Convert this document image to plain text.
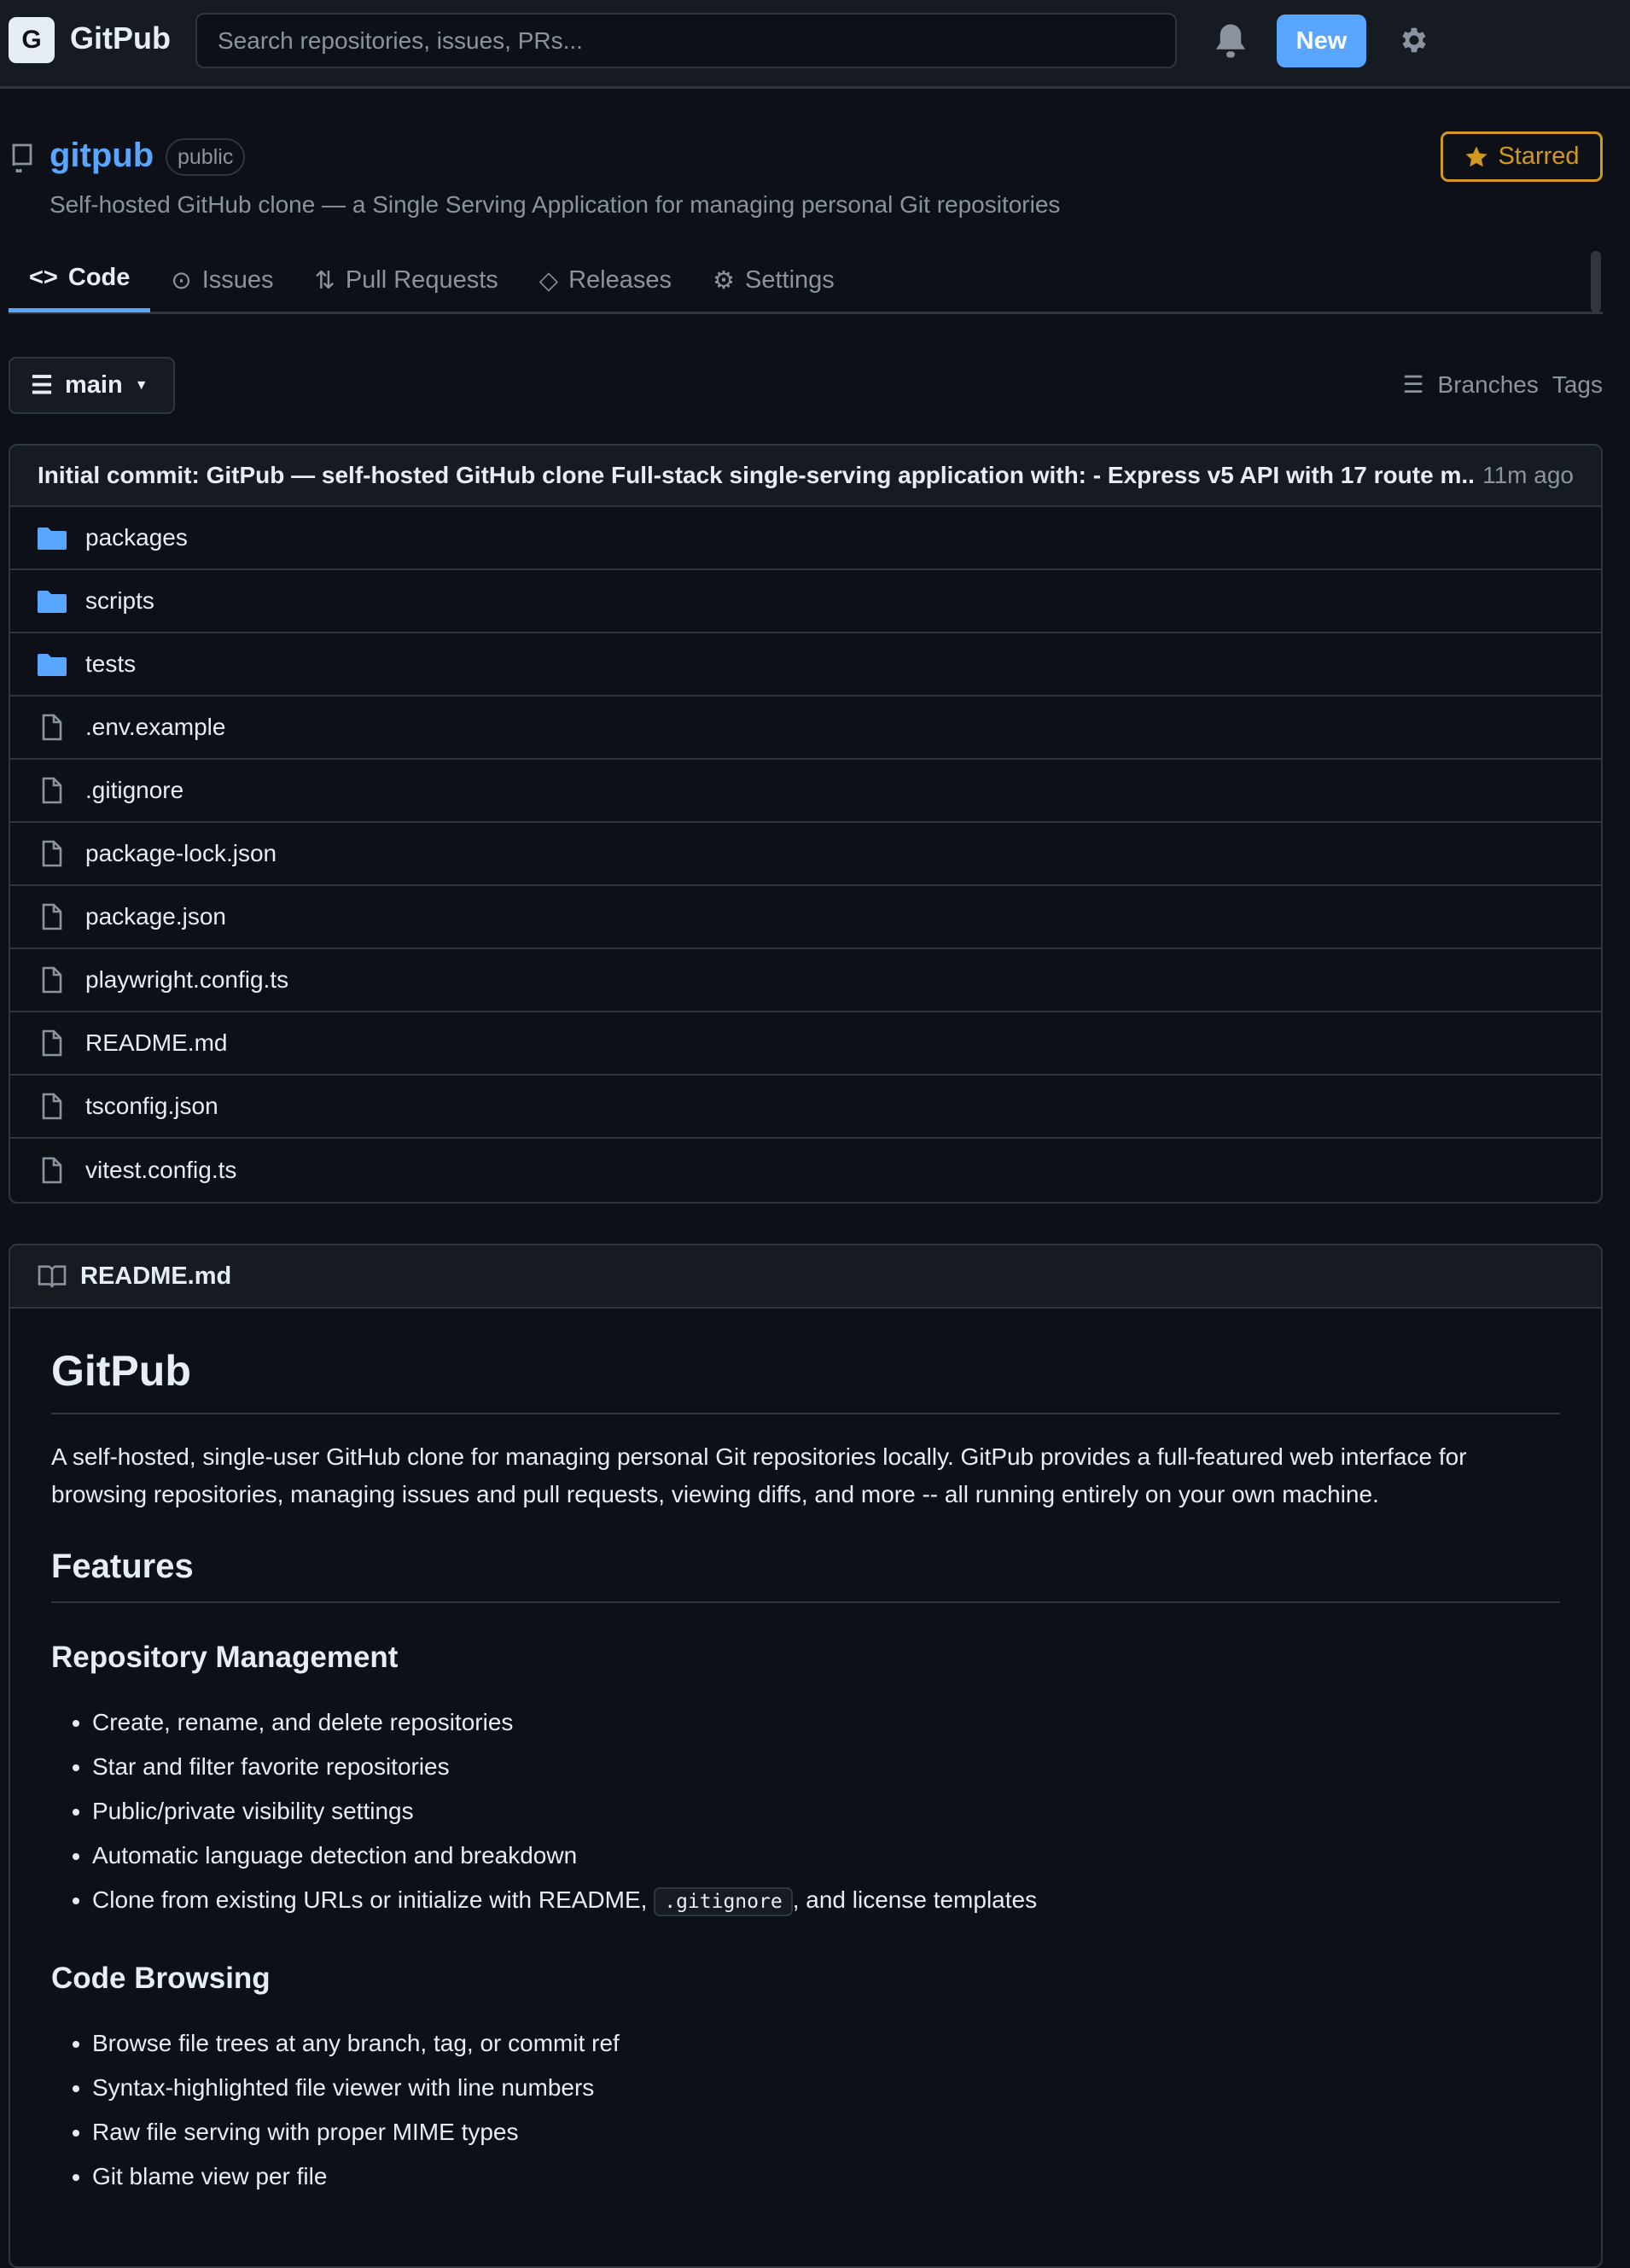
G GitPub Search repositories, issues, PRs...	New
gitpub	public	Starred
Self-hosted GitHub clone — a Single Serving Application for managing personal Git repositories
<> Code ⊙ Issues ⇅ Pull Requests ◇ Releases ⚙ Settings
☰ main ▼	☰ Branches Tags
Initial commit: GitPub — self-hosted GitHub clone Full-stack single-serving application with: - Express v5 API with 17 route m.. 11m ago
packages
scripts
tests
.env.example
.gitignore
package-lock.json
package.json
playwright.config.ts
README.md
tsconfig.json
vitest.config.ts
README.md
GitPub

A self-hosted, single-user GitHub clone for managing personal Git repositories locally. GitPub provides a full-featured web interface for browsing repositories, managing issues and pull requests, viewing diffs, and more -- all running entirely on your own machine.

Features
Repository Management
• Create, rename, and delete repositories
• Star and filter favorite repositories
• Public/private visibility settings
• Automatic language detection and breakdown
• Clone from existing URLs or initialize with README, .gitignore , and license templates
Code Browsing
• Browse file trees at any branch, tag, or commit ref
• Syntax-highlighted file viewer with line numbers
• Raw file serving with proper MIME types
• Git blame view per file
